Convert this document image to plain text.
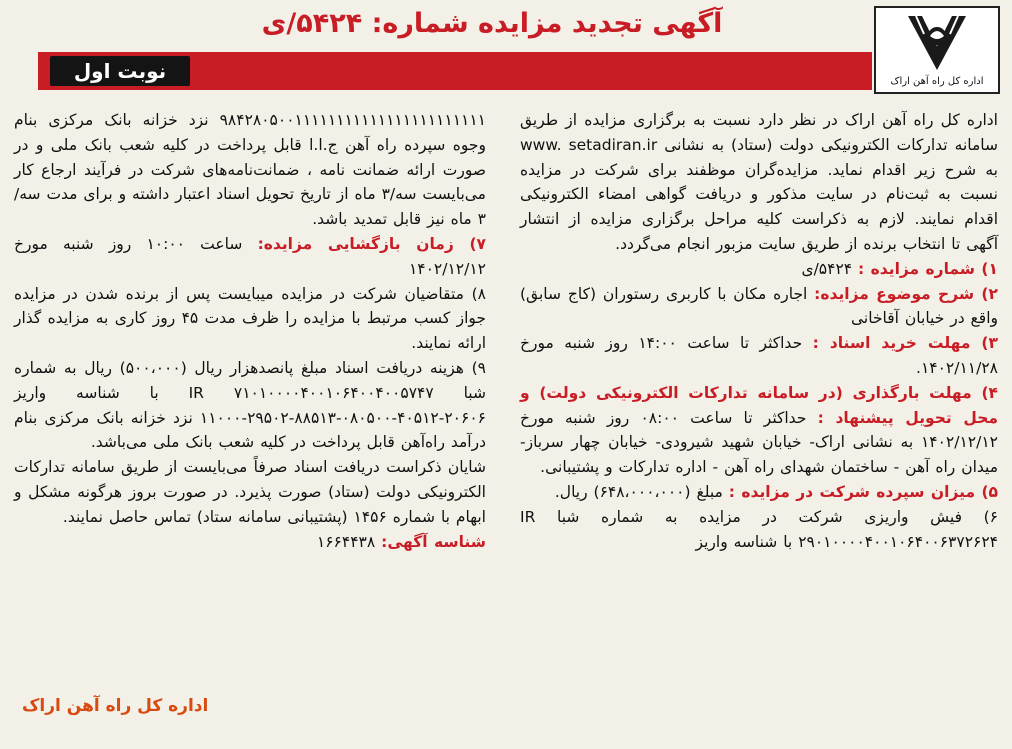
اداره کل راه آهن اراک
آگهی تجدید مزایده شماره: ۵۴۲۴/ی
نوبت اول

اداره کل راه آهن اراک در نظر دارد نسبت به برگزاری مزایده از طریق سامانه تدارکات الکترونیکی دولت (ستاد) به نشانی www. setadiran.ir به شرح زیر اقدام نماید. مزایده‌گران موظفند برای شرکت در مزایده نسبت به ثبت‌نام در سایت مذکور و دریافت گواهی امضاء الکترونیکی اقدام نمایند. لازم به ذکراست کلیه مراحل برگزاری مزایده از انتشار آگهی تا انتخاب برنده از طریق سایت مزبور انجام می‌گردد.

۱) شماره مزایده : ۵۴۲۴/ی

۲) شرح موضوع مزایده: اجاره مکان با کاربری رستوران (کاج سابق) واقع در خیابان آقاخانی

۳) مهلت خرید اسناد : حداکثر تا ساعت ۱۴:۰۰ روز شنبه مورخ ۱۴۰۲/۱۱/۲۸.

۴) مهلت بارگذاری (در سامانه تدارکات الکترونیکی دولت) و محل تحویل پیشنهاد : حداکثر تا ساعت ۰۸:۰۰ روز شنبه مورخ ۱۴۰۲/۱۲/۱۲ به نشانی اراک- خیابان شهید شیرودی- خیابان چهار سرباز-میدان راه آهن - ساختمان شهدای راه آهن - اداره تدارکات و پشتیبانی.

۵) میزان سپرده شرکت در مزایده : مبلغ (۶۴۸،۰۰۰،۰۰۰) ریال.

۶) فیش واریزی شرکت در مزایده به شماره شبا IR ۲۹۰۱۰۰۰۰۴۰۰۱۰۶۴۰۰۶۳۷۲۶۲۴ با شناسه واریز

۹۸۴۲۸۰۵۰۰۱۱۱۱۱۱۱۱۱۱۱۱۱۱۱۱۱۱۱۱۱۱۱ نزد خزانه بانک مرکزی بنام وجوه سپرده راه آهن ج.ا.ا قابل پرداخت در کلیه شعب بانک ملی و در صورت ارائه ضمانت نامه ، ضمانت‌نامه‌های شرکت در فرآیند ارجاع کار می‌بایست سه/۳ ماه از تاریخ تحویل اسناد اعتبار داشته و برای مدت سه/۳ ماه نیز قابل تمدید باشد.

۷) زمان بازگشایی مزایده: ساعت ۱۰:۰۰ روز شنبه مورخ ۱۴۰۲/۱۲/۱۲

۸) متقاضیان شرکت در مزایده میبایست پس از برنده شدن در مزایده جواز کسب مرتبط با مزایده را ظرف مدت ۴۵ روز کاری به مزایده گذار ارائه نمایند.

۹) هزینه دریافت اسناد مبلغ پانصدهزار ریال (۵۰۰،۰۰۰) ریال به شماره شبا IR ۷۱۰۱۰۰۰۰۴۰۰۱۰۶۴۰۰۴۰۰۵۷۴۷ با شناسه واریز ۲۰۶۰۶-۴۰۵۱۲-۰۸۰۵۰۰-۸۸۵۱۳-۲۹۵۰۲-۱۱۰۰۰ نزد خزانه بانک مرکزی بنام درآمد راه‌آهن قابل پرداخت در کلیه شعب بانک ملی می‌باشد.

شایان ذکراست دریافت اسناد صرفاً می‌بایست از طریق سامانه تدارکات الکترونیکی دولت (ستاد) صورت پذیرد. در صورت بروز هرگونه مشکل و ابهام با شماره ۱۴۵۶ (پشتیبانی سامانه ستاد) تماس حاصل نمایند.

شناسه آگهی: ۱۶۶۴۴۳۸

اداره کل راه آهن اراک
